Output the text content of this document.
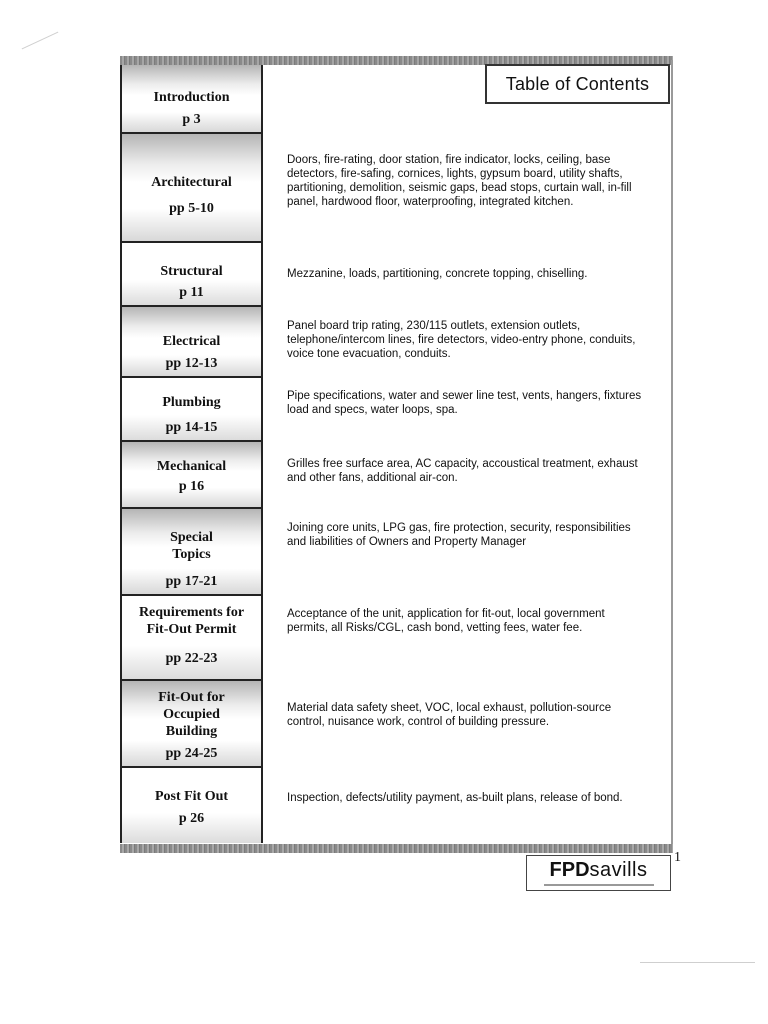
Table of Contents
Introduction
p 3
Architectural
pp 5-10
Structural
p 11
Electrical
pp 12-13
Plumbing
pp 14-15
Mechanical
p 16
Special
Topics
pp 17-21
Requirements for
Fit-Out Permit
pp 22-23
Fit-Out for
Occupied
Building
pp 24-25
Post Fit Out
p 26
Doors, fire-rating, door station, fire indicator, locks, ceiling, base detectors, fire-safing, cornices, lights, gypsum board, utility shafts, partitioning, demolition, seismic gaps, bead stops, curtain wall, in-fill panel, hardwood floor, waterproofing, integrated kitchen.
Mezzanine, loads, partitioning, concrete topping, chiselling.
Panel board trip rating, 230/115 outlets, extension outlets, telephone/intercom lines, fire detectors, video-entry phone, conduits, voice tone evacuation, conduits.
Pipe specifications, water and sewer line test, vents, hangers, fixtures load and specs, water loops, spa.
Grilles free surface area, AC capacity, accoustical treatment, exhaust and other fans, additional air-con.
Joining core units, LPG gas, fire protection, security, responsibilities and liabilities of Owners and Property Manager
Acceptance of the unit, application for fit-out, local government permits, all Risks/CGL, cash bond, vetting fees, water fee.
Material data safety sheet, VOC, local exhaust, pollution-source control, nuisance work, control of building pressure.
Inspection, defects/utility payment, as-built plans, release of bond.
FPDsavills
1
